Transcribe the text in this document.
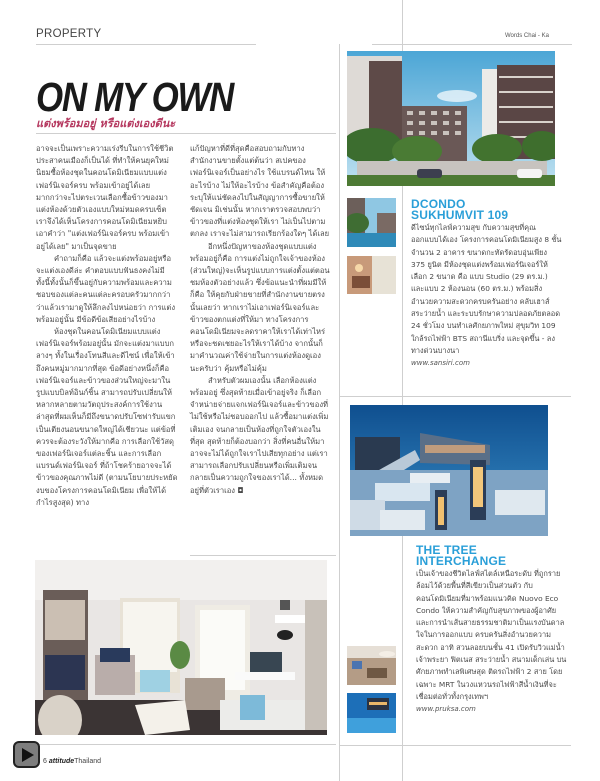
PROPERTY	Words Chai - Ka
ON MY OWN
แต่งพร้อมอยู่ หรือแต่งเองดีนะ

อาจจะเป็นเพราะความเร่งรีบในการใช้ชีวิตประสาคนเมืองก็เป็นได้ ที่ทำให้คนยุคใหม่นิยมซื้อห้องชุดในคอนโดมิเนียมแบบแต่งเฟอร์นิเจอร์ครบ พร้อมเข้าอยู่ได้เลย มากกว่าจะไปตระเวนเลือกซื้อข้าวของมาแต่งห้องด้วยตัวเองแบบใหม่หมดครบเซ็ต เราจึงได้เห็นโครงการคอนโดมิเนียมหยิบเอาคำว่า "แต่งเฟอร์นิเจอร์ครบ พร้อมเข้าอยู่ได้เลย" มาเป็นจุดขาย

คำถามก็คือ แล้วจะแต่งพร้อมอยู่หรือจะแต่งเองดีล่ะ คำตอบแบบฟันธงคงไม่มี ทั้งนี้ทั้งนั้นก็ขึ้นอยู่กับความพร้อมและความชอบของแต่ละคนแต่ละครอบครัวมากกว่า ว่าแล้วเรามาดูให้ลึกลงไปหน่อยว่า การแต่งพร้อมอยู่นั้น มีข้อดีข้อเสียอย่างไรบ้าง

ห้องชุดในคอนโดมิเนียมแบบแต่งเฟอร์นิเจอร์พร้อมอยู่นั้น มักจะแต่งมาแบบกลางๆ ทั้งในเรื่องโทนสีและดีไซน์ เพื่อให้เข้าถึงคนหมู่มากมากที่สุด ข้อดีอย่างหนึ่งก็คือ เฟอร์นิเจอร์และข้าวของส่วนใหญ่จะมาในรูปแบบบิลท์อินก์ชิ้น สามารถปรับเปลี่ยนให้หลากหลายตามวัตถุประสงค์การใช้งาน ล่าสุดที่ผมเห็นก็มีถึงขนาดปรับโซฟารับแขกเป็นเตียงนอนขนาดใหญ่ได้เชียวนะ แต่ข้อที่ควรจะต้องระวังให้มากคือ การเลือกใช้วัสดุของเฟอร์นิเจอร์แต่ละชิ้น และการเลือกแบรนด์เฟอร์นิเจอร์ ที่ถ้าโชคร้ายอาจจะได้ข้าวของคุณภาพไม่ดี (ตามนโยบายประหยัดงบของโครงการคอนโดมิเนียม เพื่อให้ได้กำไรสูงสุด) ทาง

แก้ปัญหาที่ดีที่สุดคือสอบถามกับทางสำนักงานขายตั้งแต่ต้นว่า สเปคของเฟอร์นิเจอร์เป็นอย่างไร ใช้แบรนด์ไหน ให้อะไรบ้าง ไม่ให้อะไรบ้าง ข้อสำคัญคือต้องระบุให้แน่ชัดลงไปในสัญญาการซื้อขายให้ชัดเจน มิเช่นนั้น หากเราตรวจสอบพบว่าข้าวของที่แต่งห้องชุดให้เรา ไม่เป็นไปตามตกลง เราจะไม่สามารถเรียกร้องใดๆ ได้เลย

อีกหนึ่งปัญหาของห้องชุดแบบแต่งพร้อมอยู่ก็คือ การแต่งไม่ถูกใจเจ้าของห้อง (ส่วนใหญ่)จะเห็นรูปแบบการแต่งตั้งแต่ตอนชมห้องตัวอย่างแล้ว ซึ่งข้อแนะนำที่ผมมีให้ก็คือ ให้คุยกับฝ่ายขายที่สำนักงานขายตรงนั้นเลยว่า หากเราไม่เอาเฟอร์นิเจอร์และข้าวของตกแต่งที่ให้มา ทางโครงการคอนโดมิเนียมจะลดราคาให้เราได้เท่าไหร่หรือจะชดเชยอะไรให้เราได้บ้าง จากนั้นก็มาคำนวณค่าใช้จ่ายในการแต่งห้องดูเองนะครับว่า คุ้มหรือไม่คุ้ม

สำหรับตัวผมเองนั้น เลือกห้องแต่งพร้อมอยู่ ซึ่งสุดท้ายเมื่อเข้าอยู่จริง ก็เลือกจำหน่ายจ่ายแจกเฟอร์นิเจอร์และข้าวของที่ไม่ใช้หรือไม่ชอบออกไป แล้วซื้อมาแต่งเพิ่มเติมเอง จนกลายเป็นห้องที่ถูกใจตัวเองในที่สุด สุดท้ายก็ต้องบอกว่า สิ่งที่คนอื่นให้มาอาจจะไม่ได้ถูกใจเราไปเสียทุกอย่าง แต่เราสามารถเลือกปรับเปลี่ยนหรือเพิ่มเติมจนกลายเป็นความถูกใจของเราได้... ทั้งหมดอยู่ที่ตัวเราเอง ◘

DCONDO
SUKHUMVIT 109
ดีไซน์ทุกไลฟ์ความสุข กับความสุขที่คุณออกแบบได้เอง โครงการคอนโดมิเนียมสูง 8 ชั้น จำนวน 2 อาคาร ขนาดกะทัดรัดอบอุ่นเพียง 375 ยูนิต มีห้องชุดแต่งพร้อมเฟอร์นิเจอร์ให้เลือก 2 ขนาด คือ แบบ Studio (29 ตร.ม.) และแบบ 2 ห้องนอน (60 ตร.ม.) พร้อมสิ่งอำนวยความสะดวกครบครันอย่าง คลับเฮาส์ สระว่ายน้ำ และระบบรักษาความปลอดภัยตลอด 24 ชั่วโมง บนทำเลศักยภาพใหม่ สุขุมวิท 109 ใกล้รถไฟฟ้า BTS สถานีแบริ่ง และจุดขึ้น - ลงทางด่วนบางนา
www.sansiri.com
THE TREE
INTERCHANGE
เป็นเจ้าของชีวิตไลฟ์สไตล์เหนือระดับ ที่ถูกรายล้อมไว้ด้วยพื้นที่สีเขียวเป็นส่วนตัว กับคอนโดมิเนียมที่มาพร้อมแนวคิด Nuovo Eco Condo ให้ความสำคัญกับสุขภาพของผู้อาศัย และการนำเส้นสายธรรมชาติมาเป็นแรงบันดาลใจในการออกแบบ ครบครันสิ่งอำนวยความสะดวก อาทิ สวนลอยบนชั้น 41 เปิดรับวิวแม่น้ำเจ้าพระยา ฟิตเนส สระว่ายน้ำ สนามเด็กเล่น บนศักยภาพทำเลพิเศษสุด ติดรถไฟฟ้า 2 สาย โดยเฉพาะ MRT ในวงแหวนรถไฟฟ้าสีน้ำเงินที่จะเชื่อมต่อทั่วทั้งกรุงเทพฯ
www.pruksa.com
6 attitudeThailand
